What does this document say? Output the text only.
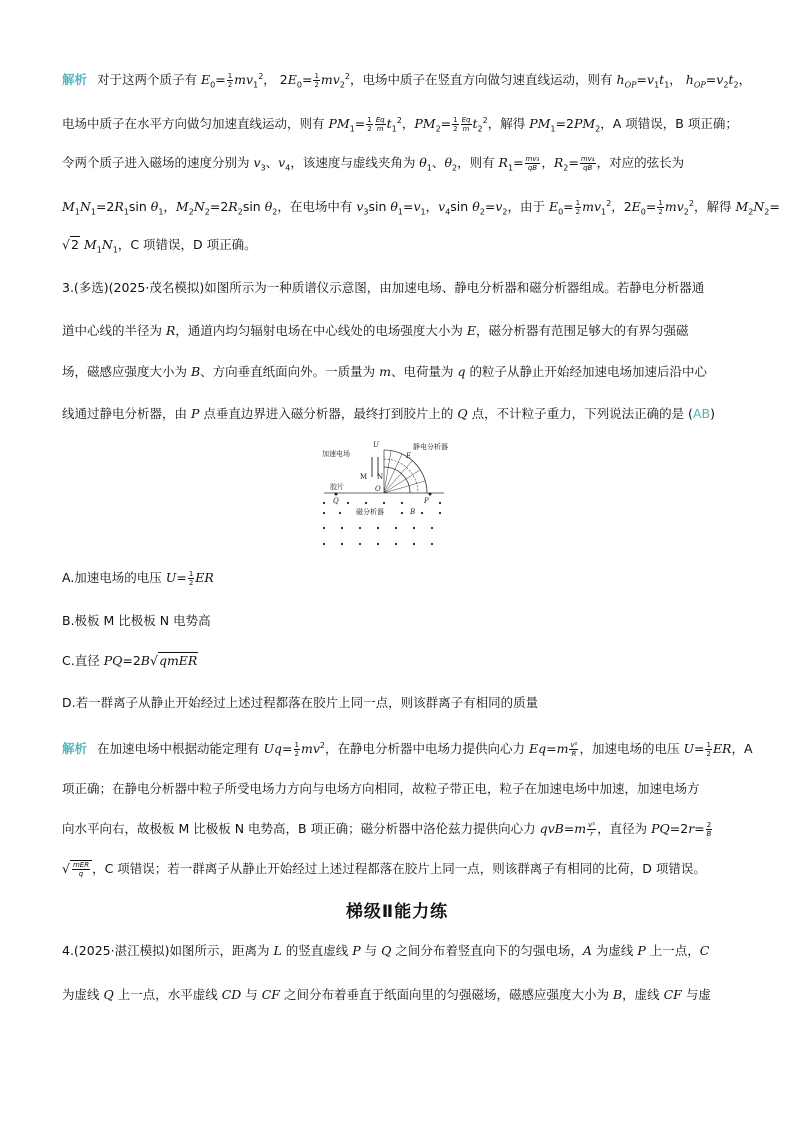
解析 对于这两个质子有 $E_0= \frac{1}{2} mv_1^2$， $2E_0= \frac{1}{2} mv_2^2$，电场中质子在竖直方向做匀速直线运动，则有 $h_{OP}=v_1t_1$， $h_{OP}=v_2t_2$，
电场中质子在水平方向做匀加速直线运动，则有 $PM_1= \frac{1}{2} \frac{Eq}{m} t_1^2$，$PM_2= \frac{1}{2} \frac{Eq}{m} t_2^2$，解得 $PM_1=2PM_2$，A 项错误，B 项正确；
令两个质子进入磁场的速度分别为 $v_3$、$v_4$，该速度与虚线夹角为 $\theta_1$、$\theta_2$，则有 $R_1= \frac{\text{mv₃}}{qB}$ ，$R_2= \frac{\text{mv₄}}{qB}$ ，对应的弦长为
$M_1N_1=2R_1\sin$ $\theta_1$，$M_2N_2=2R_2\sin$ $\theta_2$，在电场中有 $v_3\sin$ $\theta_1=v_1$，$v_4\sin$ $\theta_2=v_2$，由于 $E_0= \frac{1}{2} mv_1^2$，$2E_0= \frac{1}{2} mv_2^2$，解得 $M_2N_2=$
√2 $M_1N_1$，C 项错误，D 项正确。
3.(多选)(2025·茂名模拟)如图所示为一种质谱仪示意图，由加速电场、静电分析器和磁分析器组成。若静电分析器通
道中心线的半径为 R，通道内均匀辐射电场在中心线处的电场强度大小为 E，磁分析器有范围足够大的有界匀强磁
场，磁感应强度大小为 B、方向垂直纸面向外。一质量为 m、电荷量为 q 的粒子从静止开始经加速电场加速后沿中心
线通过静电分析器，由 P 点垂直边界进入磁分析器，最终打到胶片上的 Q 点，不计粒子重力，下列说法正确的是 (AB)
加速电场
静电分析器
U
E
M N
O
胶片
Q	P
磁分析器	B
A.加速电场的电压 $U= \frac{1}{2}$ ER
B.极板 M 比极板 N 电势高
C.直径 PQ=2B√qmER
D.若一群离子从静止开始经过上述过程都落在胶片上同一点，则该群离子有相同的质量
解析 在加速电场中根据动能定理有 $Uq= \frac{1}{2} mv^2$，在静电分析器中电场力提供向心力 $Eq=m \frac{\text{v²}}{R}$ ，加速电场的电压 $U= \frac{1}{2}$ ER，A
项正确；在静电分析器中粒子所受电场力方向与电场方向相同，故粒子带正电，粒子在加速电场中加速，加速电场方
向水平向右，故极板 M 比极板 N 电势高，B 项正确；磁分析器中洛伦兹力提供向心力 $qvB=m \frac{\text{v²}}{r}$ ，直径为 $PQ=2r= \frac{2}{B}$
√ mER
q ，C 项错误；若一群离子从静止开始经过上述过程都落在胶片上同一点，则该群离子有相同的比荷，D 项错误。
梯级Ⅱ能力练
4.(2025·湛江模拟)如图所示，距离为 L 的竖直虚线 P 与 Q 之间分布着竖直向下的匀强电场，A 为虚线 P 上一点，C
为虚线 Q 上一点，水平虚线 CD 与 CF 之间分布着垂直于纸面向里的匀强磁场，磁感应强度大小为 B，虚线 CF 与虚
